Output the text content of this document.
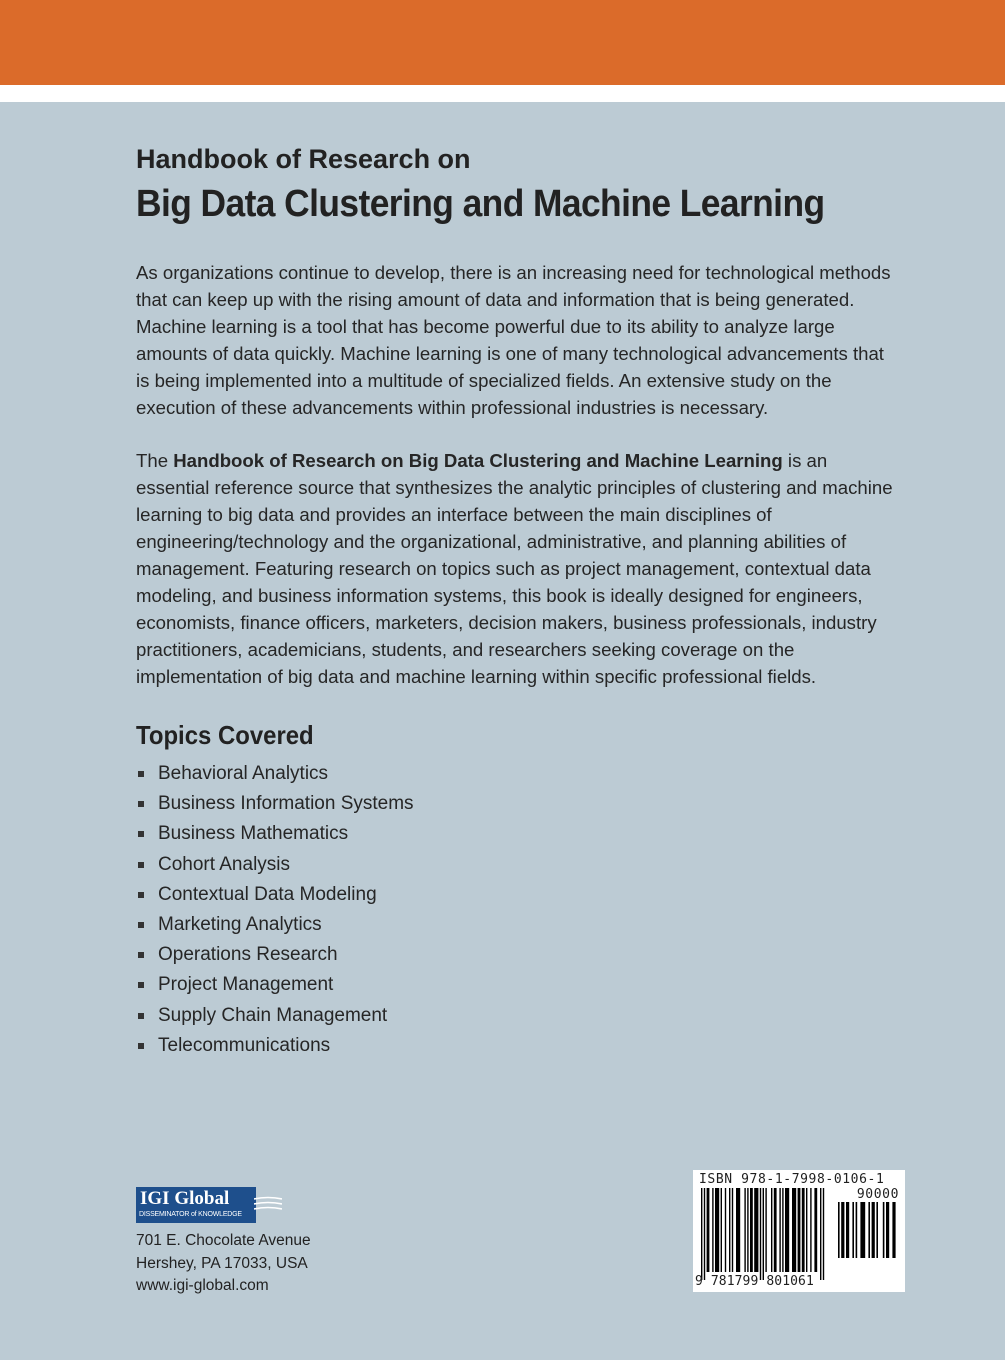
Handbook of Research on
Big Data Clustering and Machine Learning

As organizations continue to develop, there is an increasing need for technological methods that can keep up with the rising amount of data and information that is being generated. Machine learning is a tool that has become powerful due to its ability to analyze large amounts of data quickly. Machine learning is one of many technological advancements that is being implemented into a multitude of specialized fields. An extensive study on the execution of these advancements within professional industries is necessary.

The Handbook of Research on Big Data Clustering and Machine Learning is an essential reference source that synthesizes the analytic principles of clustering and machine learning to big data and provides an interface between the main disciplines of engineering/technology and the organizational, administrative, and planning abilities of management. Featuring research on topics such as project management, contextual data modeling, and business information systems, this book is ideally designed for engineers, economists, finance officers, marketers, decision makers, business professionals, industry practitioners, academicians, students, and researchers seeking coverage on the implementation of big data and machine learning within specific professional fields.

Topics Covered
Behavioral Analytics
Business Information Systems
Business Mathematics
Cohort Analysis
Contextual Data Modeling
Marketing Analytics
Operations Research
Project Management
Supply Chain Management
Telecommunications
IGI Global
DISSEMINATOR of KNOWLEDGE
701 E. Chocolate Avenue
Hershey, PA 17033, USA
www.igi-global.com
ISBN 978-1-7998-0106-1
90000
9 781799 801061
